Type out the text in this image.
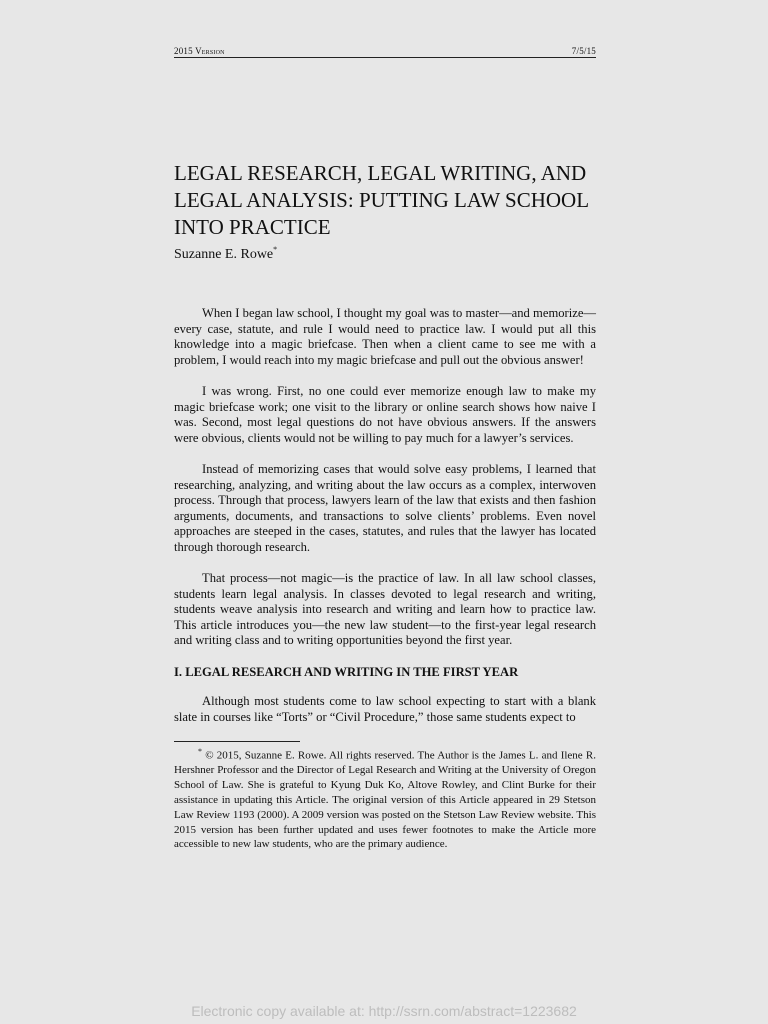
2015 Version	7/5/15
LEGAL RESEARCH, LEGAL WRITING, AND LEGAL ANALYSIS: PUTTING LAW SCHOOL INTO PRACTICE
Suzanne E. Rowe*

When I began law school, I thought my goal was to master—and memorize—every case, statute, and rule I would need to practice law. I would put all this knowledge into a magic briefcase. Then when a client came to see me with a problem, I would reach into my magic briefcase and pull out the obvious answer!

I was wrong. First, no one could ever memorize enough law to make my magic briefcase work; one visit to the library or online search shows how naive I was. Second, most legal questions do not have obvious answers. If the answers were obvious, clients would not be willing to pay much for a lawyer’s services.

Instead of memorizing cases that would solve easy problems, I learned that researching, analyzing, and writing about the law occurs as a complex, interwoven process. Through that process, lawyers learn of the law that exists and then fashion arguments, documents, and transactions to solve clients’ problems. Even novel approaches are steeped in the cases, statutes, and rules that the lawyer has located through thorough research.

That process—not magic—is the practice of law. In all law school classes, students learn legal analysis. In classes devoted to legal research and writing, students weave analysis into research and writing and learn how to practice law. This article introduces you—the new law student—to the first-year legal research and writing class and to writing opportunities beyond the first year.

I. LEGAL RESEARCH AND WRITING IN THE FIRST YEAR

Although most students come to law school expecting to start with a blank slate in courses like “Torts” or “Civil Procedure,” those same students expect to

* © 2015, Suzanne E. Rowe. All rights reserved. The Author is the James L. and Ilene R. Hershner Professor and the Director of Legal Research and Writing at the University of Oregon School of Law. She is grateful to Kyung Duk Ko, Altove Rowley, and Clint Burke for their assistance in updating this Article. The original version of this Article appeared in 29 Stetson Law Review 1193 (2000). A 2009 version was posted on the Stetson Law Review website. This 2015 version has been further updated and uses fewer footnotes to make the Article more accessible to new law students, who are the primary audience.
Electronic copy available at: http://ssrn.com/abstract=1223682
